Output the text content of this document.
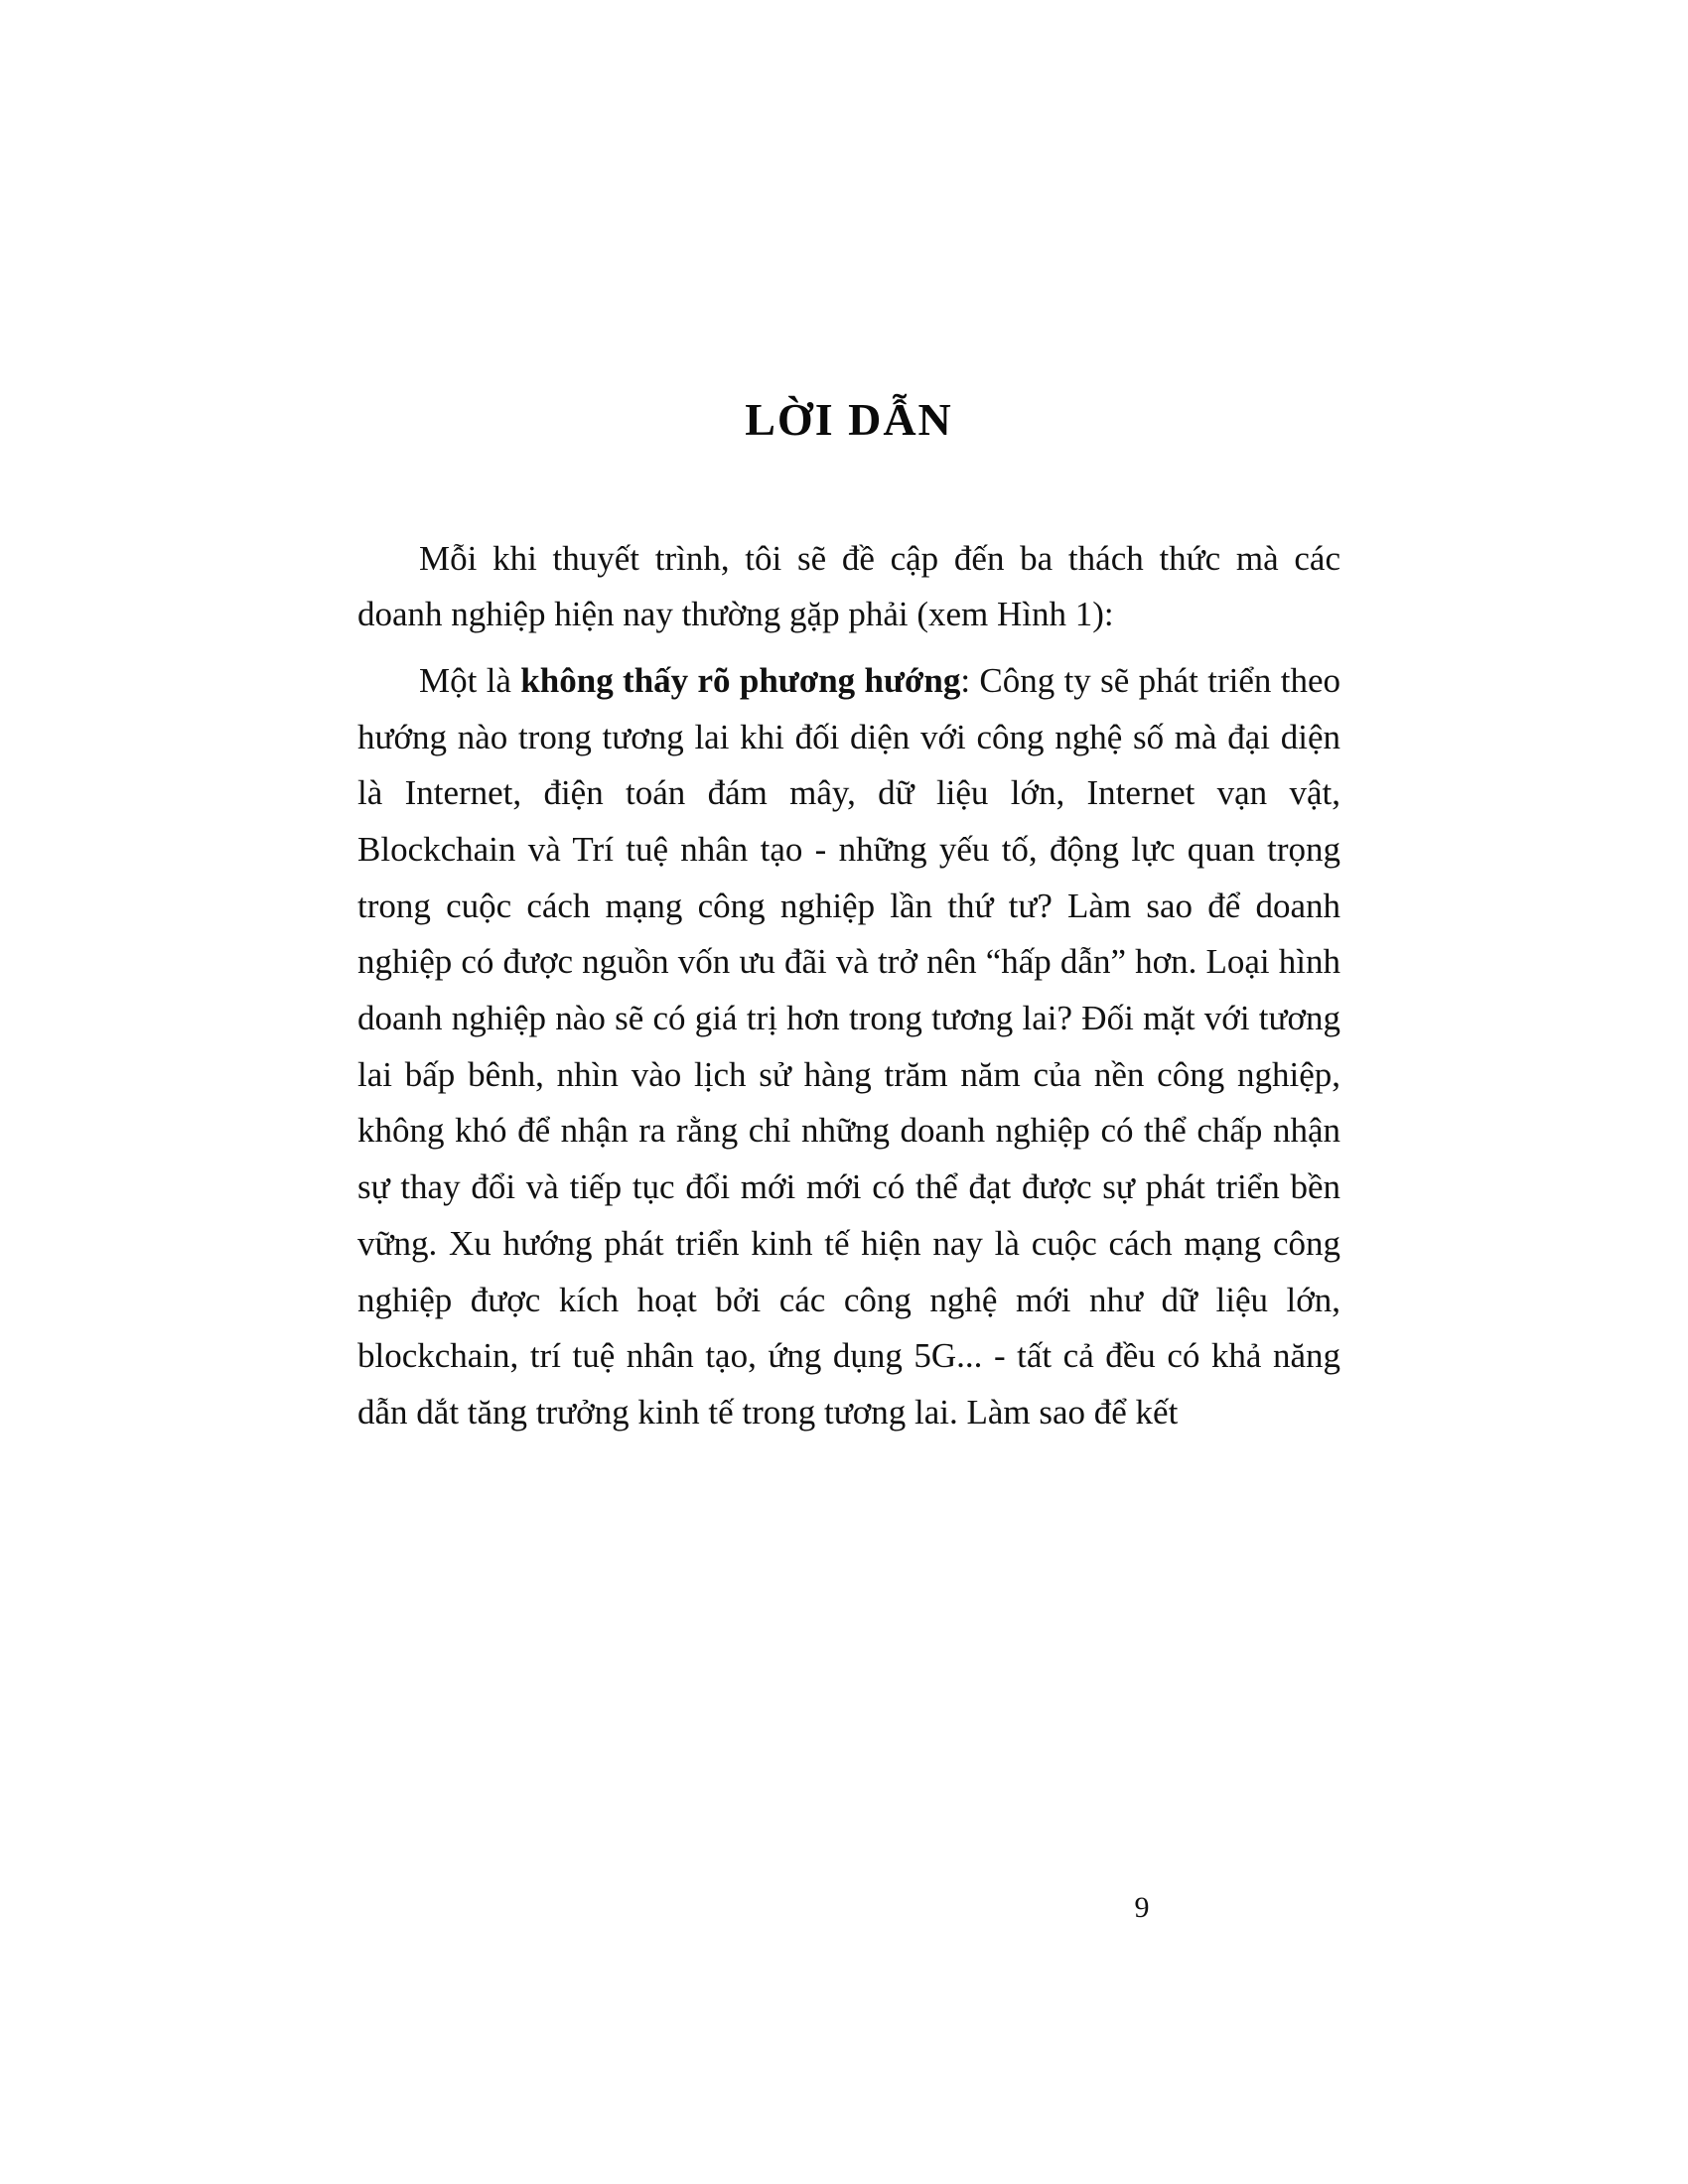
LỜI DẪN

Mỗi khi thuyết trình, tôi sẽ đề cập đến ba thách thức mà các doanh nghiệp hiện nay thường gặp phải (xem Hình 1):

Một là không thấy rõ phương hướng: Công ty sẽ phát triển theo hướng nào trong tương lai khi đối diện với công nghệ số mà đại diện là Internet, điện toán đám mây, dữ liệu lớn, Internet vạn vật, Blockchain và Trí tuệ nhân tạo - những yếu tố, động lực quan trọng trong cuộc cách mạng công nghiệp lần thứ tư? Làm sao để doanh nghiệp có được nguồn vốn ưu đãi và trở nên “hấp dẫn” hơn. Loại hình doanh nghiệp nào sẽ có giá trị hơn trong tương lai? Đối mặt với tương lai bấp bênh, nhìn vào lịch sử hàng trăm năm của nền công nghiệp, không khó để nhận ra rằng chỉ những doanh nghiệp có thể chấp nhận sự thay đổi và tiếp tục đổi mới mới có thể đạt được sự phát triển bền vững. Xu hướng phát triển kinh tế hiện nay là cuộc cách mạng công nghiệp được kích hoạt bởi các công nghệ mới như dữ liệu lớn, blockchain, trí tuệ nhân tạo, ứng dụng 5G... - tất cả đều có khả năng dẫn dắt tăng trưởng kinh tế trong tương lai. Làm sao để kết

9
